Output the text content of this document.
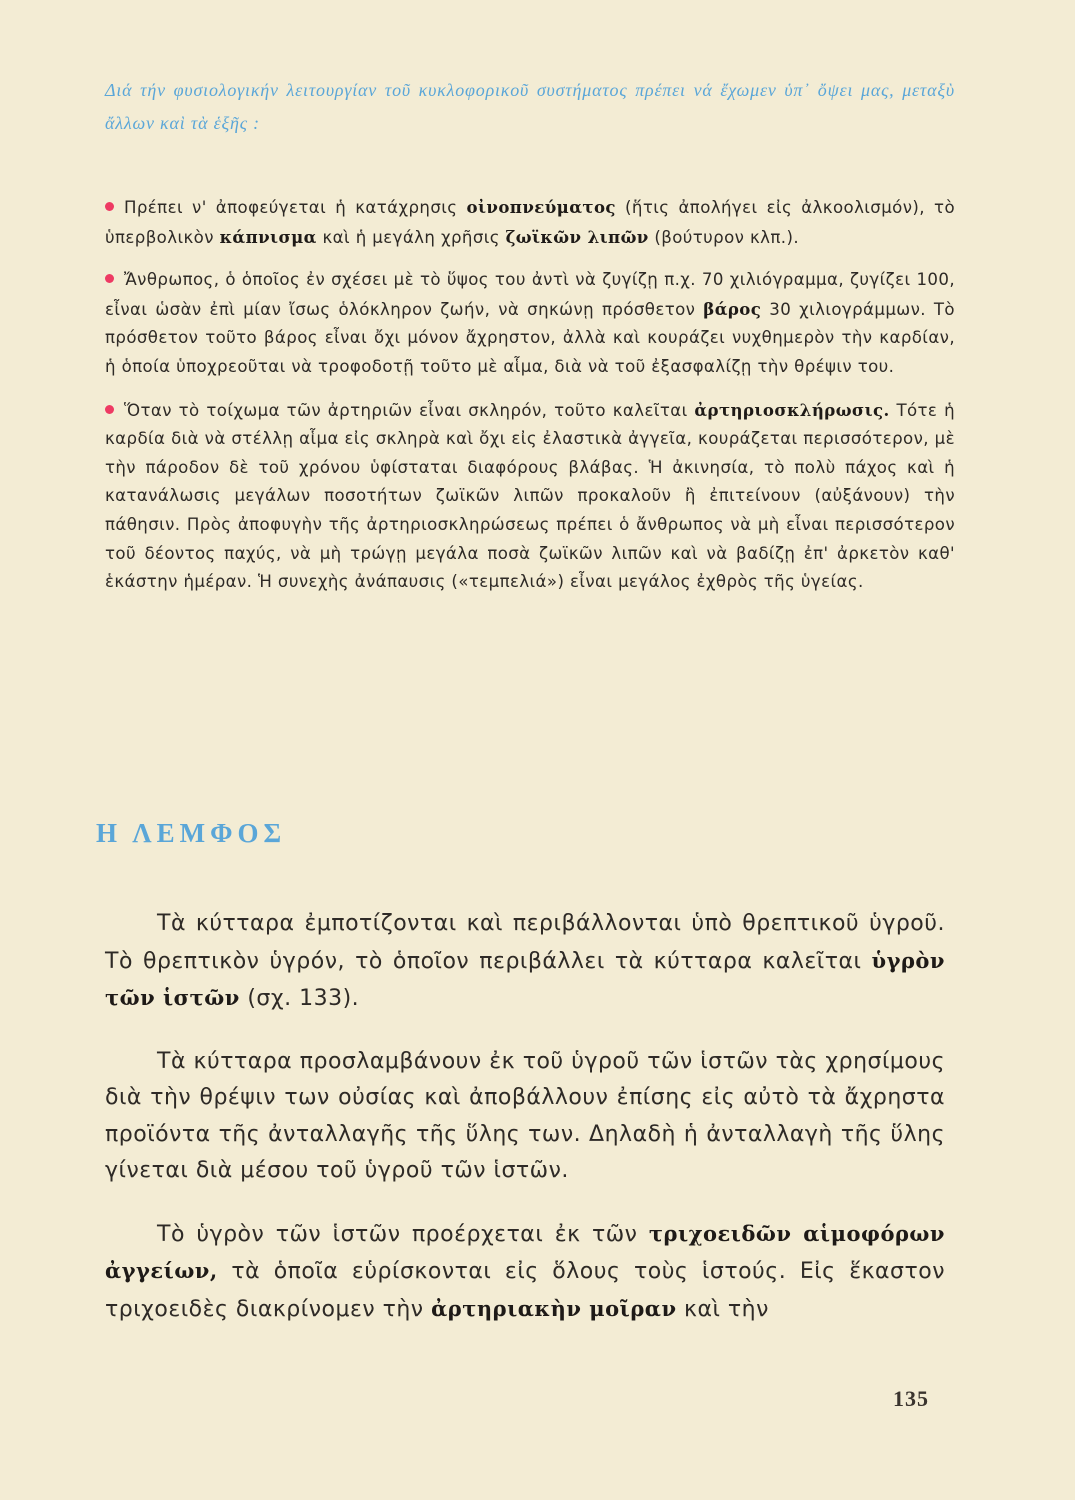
Διά τήν φυσιολογικήν λειτουργίαν τοῦ κυκλοφορικοῦ συστήματος πρέπει νά ἔχωμεν ὑπ᾿ ὄψει μας, μεταξὺ ἄλλων καὶ τὰ ἑξῆς :

Πρέπει ν' ἀποφεύγεται ἡ κατάχρησις οἰνοπνεύματος (ἥτις ἀπολήγει εἰς ἀλκοολισμόν), τὸ ὑπερβολικὸν κάπνισμα καὶ ἡ μεγάλη χρῆσις ζωϊκῶν λιπῶν (βούτυρον κλπ.).

Ἄνθρωπος, ὁ ὁποῖος ἐν σχέσει μὲ τὸ ὕψος του ἀντὶ νὰ ζυγίζῃ π.χ. 70 χιλιόγραμμα, ζυγίζει 100, εἶναι ὡσὰν ἐπὶ μίαν ἴσως ὁλόκληρον ζωήν, νὰ σηκώνῃ πρόσθετον βάρος 30 χιλιογράμμων. Τὸ πρόσθετον τοῦτο βάρος εἶναι ὄχι μόνον ἄχρηστον, ἀλλὰ καὶ κουράζει νυχθημερὸν τὴν καρδίαν, ἡ ὁποία ὑποχρεοῦται νὰ τροφοδοτῇ τοῦτο μὲ αἷμα, διὰ νὰ τοῦ ἐξασφαλίζῃ τὴν θρέψιν του.

Ὅταν τὸ τοίχωμα τῶν ἀρτηριῶν εἶναι σκληρόν, τοῦτο καλεῖται ἀρτηριοσκλήρωσις. Τότε ἡ καρδία διὰ νὰ στέλλῃ αἷμα εἰς σκληρὰ καὶ ὄχι εἰς ἐλαστικὰ ἀγγεῖα, κουράζεται περισσότερον, μὲ τὴν πάροδον δὲ τοῦ χρόνου ὑφίσταται διαφόρους βλάβας. Ἡ ἀκινησία, τὸ πολὺ πάχος καὶ ἡ κατανάλωσις μεγάλων ποσοτήτων ζωϊκῶν λιπῶν προκαλοῦν ἢ ἐπιτείνουν (αὐξάνουν) τὴν πάθησιν. Πρὸς ἀποφυγὴν τῆς ἀρτηριοσκληρώσεως πρέπει ὁ ἄνθρωπος νὰ μὴ εἶναι περισσότερον τοῦ δέοντος παχύς, νὰ μὴ τρώγῃ μεγάλα ποσὰ ζωϊκῶν λιπῶν καὶ νὰ βαδίζῃ ἐπ' ἀρκετὸν καθ' ἑκάστην ἡμέραν. Ἡ συνεχὴς ἀνάπαυσις («τεμπελιά») εἶναι μεγάλος ἐχθρὸς τῆς ὑγείας.

Η ΛΕΜΦΟΣ

Τὰ κύτταρα ἐμποτίζονται καὶ περιβάλλονται ὑπὸ θρεπτικοῦ ὑγροῦ. Τὸ θρεπτικὸν ὑγρόν, τὸ ὁποῖον περιβάλλει τὰ κύτταρα καλεῖται ὑγρὸν τῶν ἱστῶν (σχ. 133).

Τὰ κύτταρα προσλαμβάνουν ἐκ τοῦ ὑγροῦ τῶν ἱστῶν τὰς χρησίμους διὰ τὴν θρέψιν των οὐσίας καὶ ἀποβάλλουν ἐπίσης εἰς αὐτὸ τὰ ἄχρηστα προϊόντα τῆς ἀνταλλαγῆς τῆς ὕλης των. Δηλαδὴ ἡ ἀνταλλαγὴ τῆς ὕλης γίνεται διὰ μέσου τοῦ ὑγροῦ τῶν ἱστῶν.

Τὸ ὑγρὸν τῶν ἱστῶν προέρχεται ἐκ τῶν τριχοειδῶν αἱμοφόρων ἀγγείων, τὰ ὁποῖα εὑρίσκονται εἰς ὅλους τοὺς ἱστούς. Εἰς ἕκαστον τριχοειδὲς διακρίνομεν τὴν ἀρτηριακὴν μοῖραν καὶ τὴν

135
